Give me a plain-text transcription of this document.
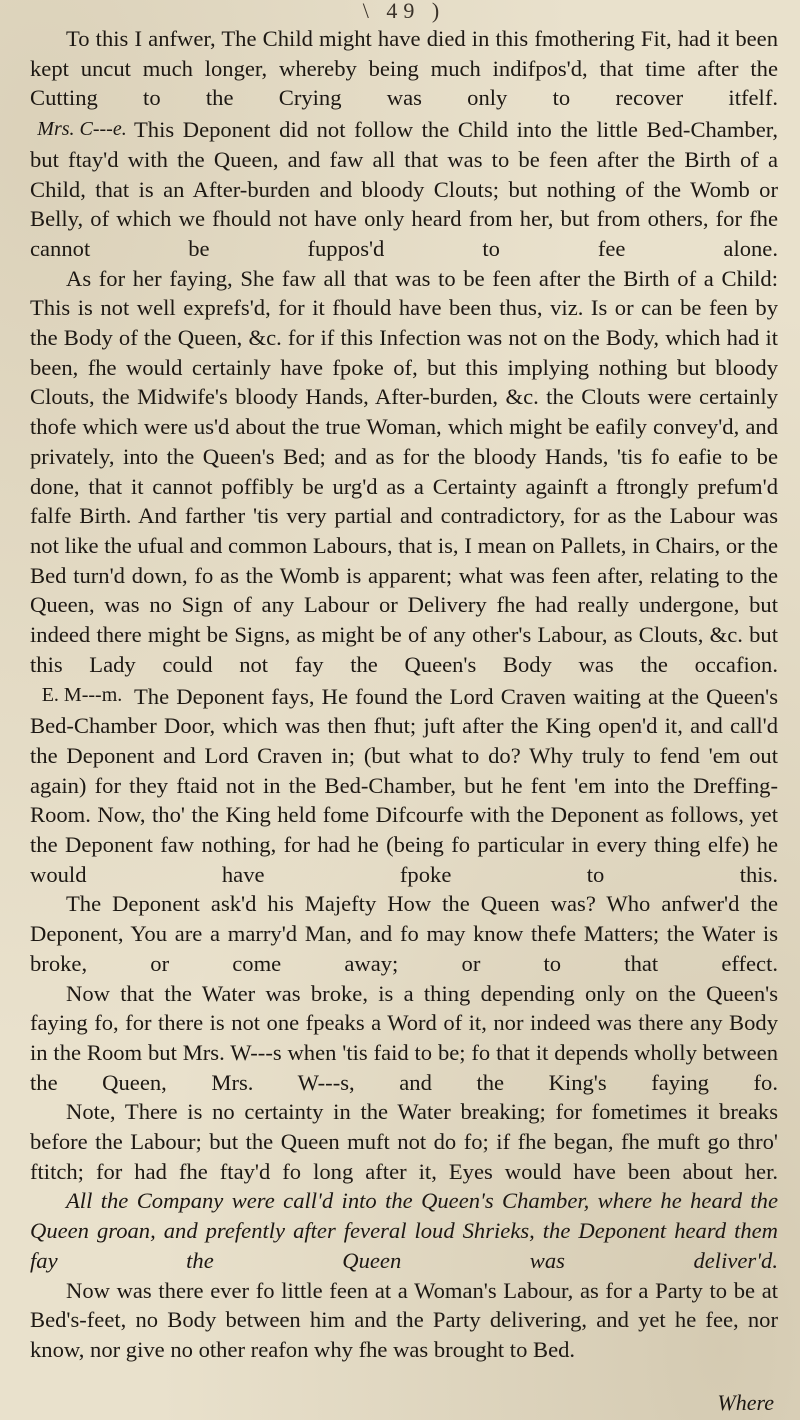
\ 49 )

To this I anfwer, The Child might have died in this fmothering Fit, had it been kept uncut much longer, whereby being much indifpos'd, that time after the Cutting to the Crying was only to recover itfelf.

Mrs. C---e. This Deponent did not follow the Child into the little Bed-Chamber, but ftay'd with the Queen, and faw all that was to be feen after the Birth of a Child, that is an After-burden and bloody Clouts; but nothing of the Womb or Belly, of which we fhould not have only heard from her, but from others, for fhe cannot be fuppos'd to fee alone.

As for her faying, She faw all that was to be feen after the Birth of a Child: This is not well exprefs'd, for it fhould have been thus, viz. Is or can be feen by the Body of the Queen, &c. for if this Infection was not on the Body, which had it been, fhe would certainly have fpoke of, but this implying nothing but bloody Clouts, the Midwife's bloody Hands, After-burden, &c. the Clouts were certainly thofe which were us'd about the true Woman, which might be eafily convey'd, and privately, into the Queen's Bed; and as for the bloody Hands, 'tis fo eafie to be done, that it cannot poffibly be urg'd as a Certainty againft a ftrongly prefum'd falfe Birth. And farther 'tis very partial and contradictory, for as the Labour was not like the ufual and common Labours, that is, I mean on Pallets, in Chairs, or the Bed turn'd down, fo as the Womb is apparent; what was feen after, relating to the Queen, was no Sign of any Labour or Delivery fhe had really undergone, but indeed there might be Signs, as might be of any other's Labour, as Clouts, &c. but this Lady could not fay the Queen's Body was the occafion.

E. M---m. The Deponent fays, He found the Lord Craven waiting at the Queen's Bed-Chamber Door, which was then fhut; juft after the King open'd it, and call'd the Deponent and Lord Craven in; (but what to do? Why truly to fend 'em out again) for they ftaid not in the Bed-Chamber, but he fent 'em into the Dreffing-Room. Now, tho' the King held fome Difcourfe with the Deponent as follows, yet the Deponent faw nothing, for had he (being fo particular in every thing elfe) he would have fpoke to this.

The Deponent ask'd his Majefty How the Queen was? Who anfwer'd the Deponent, You are a marry'd Man, and fo may know thefe Matters; the Water is broke, or come away; or to that effect.

Now that the Water was broke, is a thing depending only on the Queen's faying fo, for there is not one fpeaks a Word of it, nor indeed was there any Body in the Room but Mrs. W---s when 'tis faid to be; fo that it depends wholly between the Queen, Mrs. W---s, and the King's faying fo.

Note, There is no certainty in the Water breaking; for fometimes it breaks before the Labour; but the Queen muft not do fo; if fhe began, fhe muft go thro' ftitch; for had fhe ftay'd fo long after it, Eyes would have been about her.

All the Company were call'd into the Queen's Chamber, where he heard the Queen groan, and prefently after feveral loud Shrieks, the Deponent heard them fay the Queen was deliver'd.

Now was there ever fo little feen at a Woman's Labour, as for a Party to be at Bed's-feet, no Body between him and the Party delivering, and yet he fee, nor know, nor give no other reafon why fhe was brought to Bed.

Where
